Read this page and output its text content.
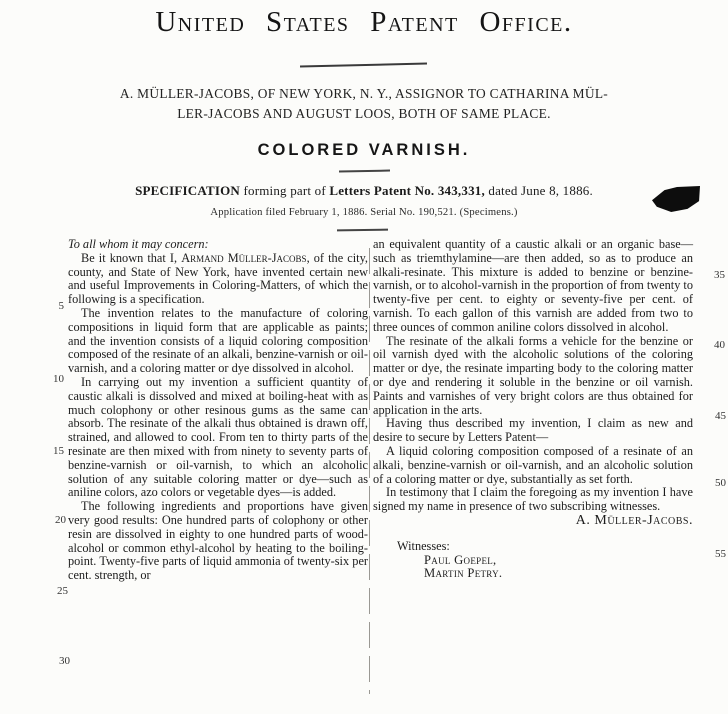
United States Patent Office.
A. MÜLLER-JACOBS, OF NEW YORK, N. Y., ASSIGNOR TO CATHARINA MÜL-
LER-JACOBS AND AUGUST LOOS, BOTH OF SAME PLACE.
COLORED VARNISH.
SPECIFICATION forming part of Letters Patent No. 343,331, dated June 8, 1886.
Application filed February 1, 1886. Serial No. 190,521. (Specimens.)

To all whom it may concern:

Be it known that I, Armand Müller-Jacobs, of the city, county, and State of New York, have invented certain new and useful Improvements in Coloring-Matters, of which the following is a specification.

The invention relates to the manufacture of coloring compositions in liquid form that are applicable as paints; and the invention consists of a liquid coloring composition composed of the resinate of an alkali, benzine-varnish or oil-varnish, and a coloring matter or dye dissolved in alcohol.

In carrying out my invention a sufficient quantity of caustic alkali is dissolved and mixed at boiling-heat with as much colophony or other resinous gums as the same can absorb. The resinate of the alkali thus obtained is drawn off, strained, and allowed to cool. From ten to thirty parts of the resinate are then mixed with from ninety to seventy parts of benzine-varnish or oil-varnish, to which an alcoholic solution of any suitable coloring matter or dye—such as aniline colors, azo colors or vegetable dyes—is added.

The following ingredients and proportions have given very good results: One hundred parts of colophony or other resin are dissolved in eighty to one hundred parts of wood-alcohol or common ethyl-alcohol by heating to the boiling-point. Twenty-five parts of liquid ammonia of twenty-six per cent. strength, or

an equivalent quantity of a caustic alkali or an organic base—such as triemthylamine—are then added, so as to produce an alkali-resinate. This mixture is added to benzine or benzine-varnish, or to alcohol-varnish in the proportion of from twenty to twenty-five per cent. to eighty or seventy-five per cent. of varnish. To each gallon of this varnish are added from two to three ounces of common aniline colors dissolved in alcohol.

The resinate of the alkali forms a vehicle for the benzine or oil varnish dyed with the alcoholic solutions of the coloring matter or dye, the resinate imparting body to the coloring matter or dye and rendering it soluble in the benzine or oil varnish. Paints and varnishes of very bright colors are thus obtained for application in the arts.

Having thus described my invention, I claim as new and desire to secure by Letters Patent—

A liquid coloring composition composed of a resinate of an alkali, benzine-varnish or oil-varnish, and an alcoholic solution of a coloring matter or dye, substantially as set forth.

In testimony that I claim the foregoing as my invention I have signed my name in presence of two subscribing witnesses.

A. Müller-Jacobs.

Witnesses:
Paul Goepel,
Martin Petry.
5
10
15
20
25
30
35
40
45
50
55
